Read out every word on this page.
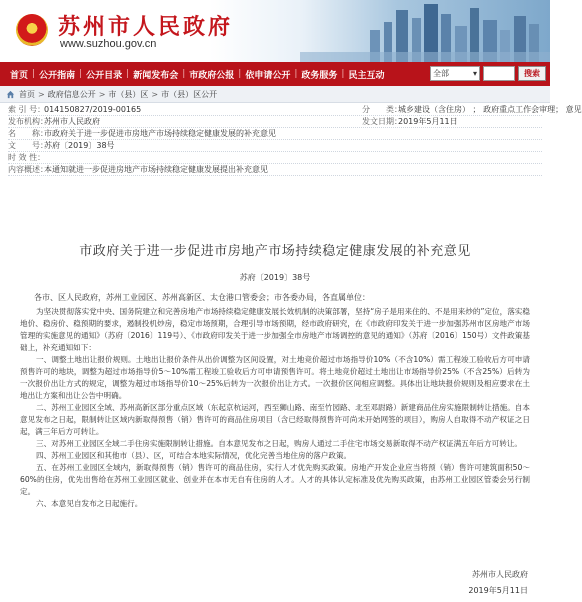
苏州市人民政府
www.suzhou.gov.cn
首页 | 公开指南 | 公开目录 | 新闻发布会 | 市政府公报 | 依申请公开 | 政务服务 | 民主互动	全部	▾	搜索
首页 > 政府信息公开 > 市（县）区 > 市（县）区公开
索 引 号：
014150827/2019-00165	分　　类：
城乡建设（含住房） ； 政府重点工作会审理； 意见
发布机构：
苏州市人民政府	发文日期：
2019年5月11日
名　　称：
市政府关于进一步促进市房地产市场持续稳定健康发展的补充意见
文　　号：
苏府〔2019〕38号
时 效 性：
内容概述：
本通知就进一步促进房地产市场持续稳定健康发展提出补充意见
市政府关于进一步促进市房地产市场持续稳定健康发展的补充意见
苏府〔2019〕38号
各市、区人民政府，苏州工业园区、苏州高新区、太仓港口管委会；市各委办局，各直属单位：

为坚决贯彻落实党中央、国务院建立和完善房地产市场持续稳定健康发展长效机制的决策部署，坚持“房子是用来住的、不是用来炒的”定位，落实稳地价、稳房价、稳预期的要求，遏制投机炒房，稳定市场预期，合理引导市场预期，经市政府研究，在《市政府印发关于进一步加强苏州市区房地产市场管理的实施意见的通知》（苏府〔2016〕119号）、《市政府印发关于进一步加强全市房地产市场调控的意见的通知》（苏府〔2016〕150号）文件政策基础上，补充通知如下：

一、调整土地出让报价规则。土地出让报价条件从出价调整为区间设置，对土地竞价超过市场指导价10%（不含10%）需工程竣工验收后方可申请预售许可的地块，调整为超过市场指导价5～10%需工程竣工验收后方可申请预售许可。将土地竞价超过土地出让市场指导价25%（不含25%）后转为一次报价出让方式的规定，调整为超过市场指导价10～25%后转为一次报价出让方式。一次报价区间相应调整。具体出让地块报价规则及相应要求在土地出让方案和出让公告中明确。

二、苏州工业园区全域、苏州高新区部分重点区域（东起京杭运河，西至狮山路、南至竹园路、北至邓尉路）新建商品住房实施限制转让措施。自本意见发布之日起，限制转让区域内新取得预售（销）售许可的商品住房项目（含已经取得预售许可尚未开始网签的项目），购房人自取得不动产权证之日起，满三年后方可转让。

三、对苏州工业园区全域二手住房实施限制转让措施。自本意见发布之日起，购房人通过二手住宅市场交易新取得不动产权证满五年后方可转让。

四、苏州工业园区和其他市（县）、区，可结合本地实际情况，优化完善当地住房的落户政策。

五、在苏州工业园区全域内，新取得预售（销）售许可的商品住房，实行人才优先购买政策。房地产开发企业应当将预（销）售许可建筑面积50～60%的住房，优先出售给在苏州工业园区就业、创业并在本市无自有住房的人才。人才的具体认定标准及优先购买政策，由苏州工业园区管委会另行制定。

六、本意见自发布之日起施行。

苏州市人民政府
2019年5月11日
